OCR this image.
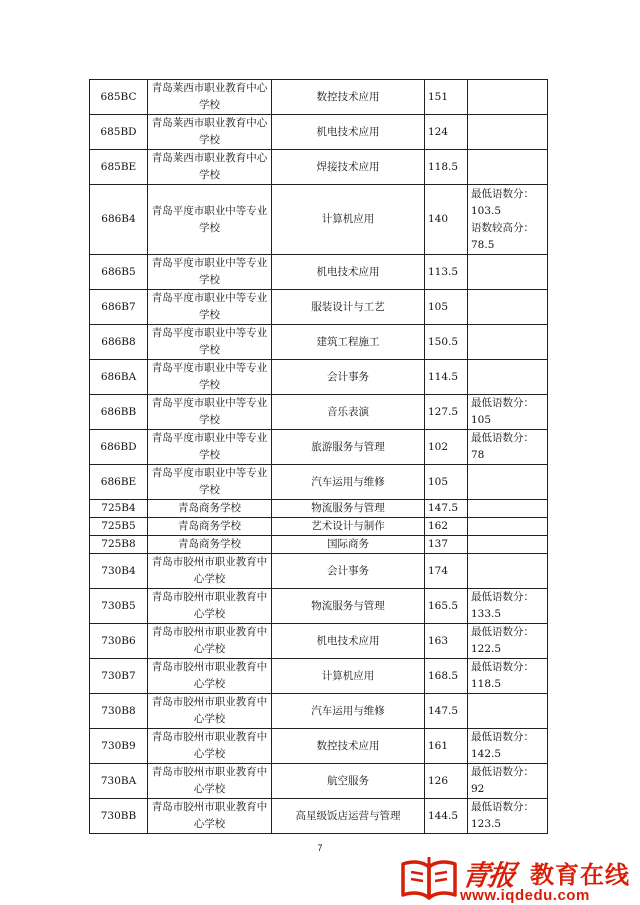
685BC	青岛莱西市职业教育中心学校	数控技术应用	151	
685BD	青岛莱西市职业教育中心学校	机电技术应用	124	
685BE	青岛莱西市职业教育中心学校	焊接技术应用	118.5	
686B4	青岛平度市职业中等专业学校	计算机应用	140	最低语数分：
103.5
语数较高分：
78.5
686B5	青岛平度市职业中等专业学校	机电技术应用	113.5	
686B7	青岛平度市职业中等专业学校	服装设计与工艺	105	
686B8	青岛平度市职业中等专业学校	建筑工程施工	150.5	
686BA	青岛平度市职业中等专业学校	会计事务	114.5	
686BB	青岛平度市职业中等专业学校	音乐表演	127.5	最低语数分：105
686BD	青岛平度市职业中等专业学校	旅游服务与管理	102	最低语数分：78
686BE	青岛平度市职业中等专业学校	汽车运用与维修	105	
725B4	青岛商务学校	物流服务与管理	147.5	
725B5	青岛商务学校	艺术设计与制作	162	
725B8	青岛商务学校	国际商务	137	
730B4	青岛市胶州市职业教育中心学校	会计事务	174	
730B5	青岛市胶州市职业教育中心学校	物流服务与管理	165.5	最低语数分：
133.5
730B6	青岛市胶州市职业教育中心学校	机电技术应用	163	最低语数分：
122.5
730B7	青岛市胶州市职业教育中心学校	计算机应用	168.5	最低语数分：
118.5
730B8	青岛市胶州市职业教育中心学校	汽车运用与维修	147.5	
730B9	青岛市胶州市职业教育中心学校	数控技术应用	161	最低语数分：
142.5
730BA	青岛市胶州市职业教育中心学校	航空服务	126	最低语数分：92
730BB	青岛市胶州市职业教育中心学校	高星级饭店运营与管理	144.5	最低语数分：
123.5
7
青报 教育在线
www.iqdedu.com
